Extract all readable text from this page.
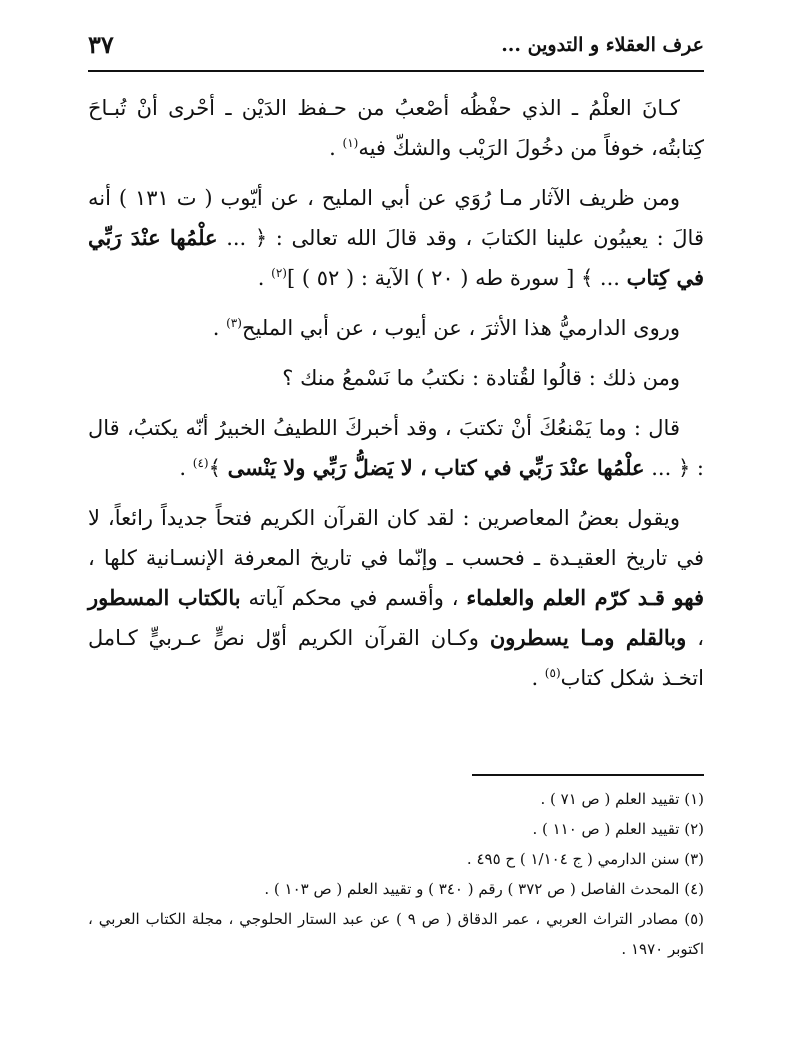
عرف العقلاء و التدوين ...
٣٧

كـانَ العلْمُ ـ الذي حفْظُه أصْعبُ من حـفظ الدَيْن ـ أحْرى أنْ تُبـاحَ كِتابتُه، خوفاً من دخُولَ الرَيْب والشكّ فيه$^{(١)}$ .

ومن ظريف الآثار مـا رُوَي عن أبي المليح ، عن أيّوب ( ت ١٣١ ) أنه قالَ : يعيبُون علينا الكتابَ ، وقد قالَ الله تعالى : ﴿ ... علْمُها عنْدَ رَبِّي في كِتاب ... ﴾ [ سورة طه ( ٢٠ ) الآية : ( ٥٢ ) ]$^{(٢)}$ .

وروى الدارميُّ هذا الأثرَ ، عن أيوب ، عن أبي المليح$^{(٣)}$ .

ومن ذلك : قالُوا لقُتادة : نكتبُ ما نَسْمعُ منك ؟

قال : وما يَمْنعُكَ أنْ تكتبَ ، وقد أخبركَ اللطيفُ الخبيرُ أنّه يكتبُ، قال : ﴿ ... علْمُها عنْدَ رَبِّي في كتاب ، لا يَضلُّ رَبِّي ولا يَنْسى ﴾$^{(٤)}$ .

ويقول بعضُ المعاصرين : لقد كان القرآن الكريم فتحاً جديداً رائعاً، لا في تاريخ العقيـدة ـ فحسب ـ وإنّما في تاريخ المعرفة الإنسـانية كلها ، فهو قـد كرّم العلم والعلماء ، وأقسم في محكم آياته بالكتاب المسطور ، وبالقلم ومـا يسطرون وكـان القرآن الكريم أوّل نصٍّ عـربيٍّ كـامل اتخـذ شكل كتاب$^{(٥)}$ .

(١) تقييد العلم ( ص ٧١ ) .

(٢) تقييد العلم ( ص ١١٠ ) .

(٣) سنن الدارمي ( ج ١/١٠٤ ) ح ٤٩٥ .

(٤) المحدث الفاصل ( ص ٣٧٢ ) رقم ( ٣٤٠ ) و تقييد العلم ( ص ١٠٣ ) .

(٥) مصادر التراث العربي ، عمر الدقاق ( ص ٩ ) عن عبد الستار الحلوجي ، مجلة الكتاب العربي ، اكتوبر ١٩٧٠ .
